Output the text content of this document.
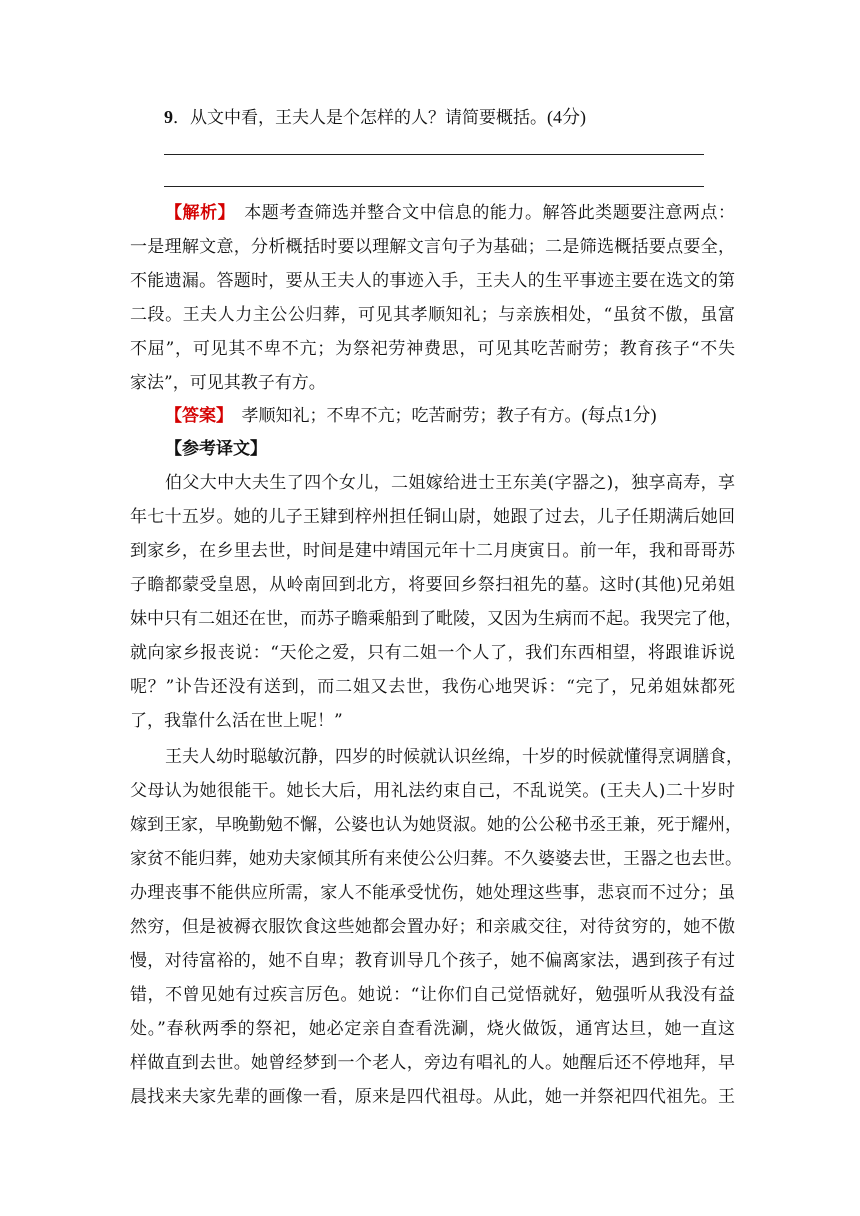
9．从文中看，王夫人是个怎样的人？请简要概括。(4分)
【解析】　 本题考查筛选并整合文中信息的能力。解答此类题要注意两点：
一是理解文意，分析概括时要以理解文言句子为基础；二是筛选概括要点要全，
不能遗漏。答题时，要从王夫人的事迹入手，王夫人的生平事迹主要在选文的第
二段。王夫人力主公公归葬，可见其孝顺知礼；与亲族相处，“虽贫不傲，虽富
不屈”，可见其不卑不亢；为祭祀劳神费思，可见其吃苦耐劳；教育孩子“不失
家法”，可见其教子有方。
【答案】　 孝顺知礼；不卑不亢；吃苦耐劳；教子有方。(每点1分)
【参考译文】
伯父大中大夫生了四个女儿，二姐嫁给进士王东美(字器之)，独享高寿，享
年七十五岁。她的儿子王肄到梓州担任铜山尉，她跟了过去，儿子任期满后她回
到家乡，在乡里去世，时间是建中靖国元年十二月庚寅日。前一年，我和哥哥苏
子瞻都蒙受皇恩，从岭南回到北方，将要回乡祭扫祖先的墓。这时(其他)兄弟姐
妹中只有二姐还在世，而苏子瞻乘船到了毗陵，又因为生病而不起。我哭完了他，
就向家乡报丧说：“天伦之爱，只有二姐一个人了，我们东西相望，将跟谁诉说
呢？”讣告还没有送到，而二姐又去世，我伤心地哭诉：“完了，兄弟姐妹都死
了，我靠什么活在世上呢！”
王夫人幼时聪敏沉静，四岁的时候就认识丝绵，十岁的时候就懂得烹调膳食，
父母认为她很能干。她长大后，用礼法约束自己，不乱说笑。(王夫人)二十岁时
嫁到王家，早晚勤勉不懈，公婆也认为她贤淑。她的公公秘书丞王兼，死于耀州，
家贫不能归葬，她劝夫家倾其所有来使公公归葬。不久婆婆去世，王器之也去世。
办理丧事不能供应所需，家人不能承受忧伤，她处理这些事，悲哀而不过分；虽
然穷，但是被褥衣服饮食这些她都会置办好；和亲戚交往，对待贫穷的，她不傲
慢，对待富裕的，她不自卑；教育训导几个孩子，她不偏离家法，遇到孩子有过
错，不曾见她有过疾言厉色。她说：“让你们自己觉悟就好，勉强听从我没有益
处。”春秋两季的祭祀，她必定亲自查看洗涮，烧火做饭，通宵达旦，她一直这
样做直到去世。她曾经梦到一个老人，旁边有唱礼的人。她醒后还不停地拜，早
晨找来夫家先辈的画像一看，原来是四代祖母。从此，她一并祭祀四代祖先。王
